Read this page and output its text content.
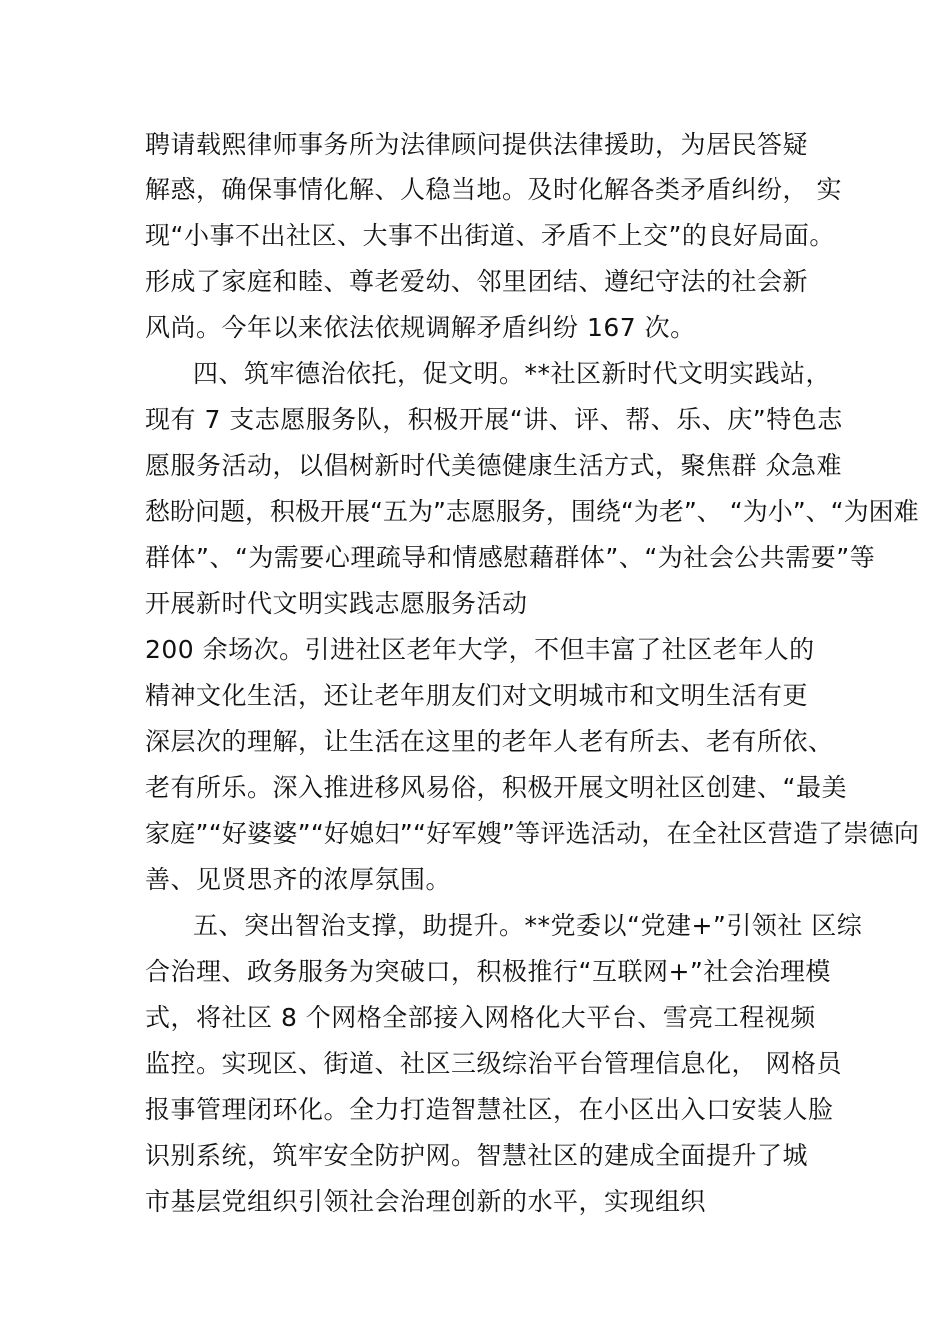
聘请载熙律师事务所为法律顾问提供法律援助，为居民答疑
解惑，确保事情化解、人稳当地。及时化解各类矛盾纠纷， 实
现“小事不出社区、大事不出街道、矛盾不上交”的良好局面。
形成了家庭和睦、尊老爱幼、邻里团结、遵纪守法的社会新
风尚。今年以来依法依规调解矛盾纠纷 167 次。
四、筑牢德治依托，促文明。**社区新时代文明实践站，
现有 7 支志愿服务队，积极开展“讲、评、帮、乐、庆”特色志
愿服务活动，以倡树新时代美德健康生活方式，聚焦群 众急难
愁盼问题，积极开展“五为”志愿服务，围绕“为老”、 “为小”、“为困难
群体”、“为需要心理疏导和情感慰藉群体”、“为社会公共需要”等
开展新时代文明实践志愿服务活动
200 余场次。引进社区老年大学，不但丰富了社区老年人的
精神文化生活，还让老年朋友们对文明城市和文明生活有更
深层次的理解，让生活在这里的老年人老有所去、老有所依、
老有所乐。深入推进移风易俗，积极开展文明社区创建、“最美
家庭”“好婆婆”“好媳妇”“好军嫂”等评选活动，在全社区营造了崇德向
善、见贤思齐的浓厚氛围。
五、突出智治支撑，助提升。**党委以“党建+”引领社 区综
合治理、政务服务为突破口，积极推行“互联网+”社会治理模
式，将社区 8 个网格全部接入网格化大平台、雪亮工程视频
监控。实现区、街道、社区三级综治平台管理信息化， 网格员
报事管理闭环化。全力打造智慧社区，在小区出入口安装人脸
识别系统，筑牢安全防护网。智慧社区的建成全面提升了城
市基层党组织引领社会治理创新的水平，实现组织
